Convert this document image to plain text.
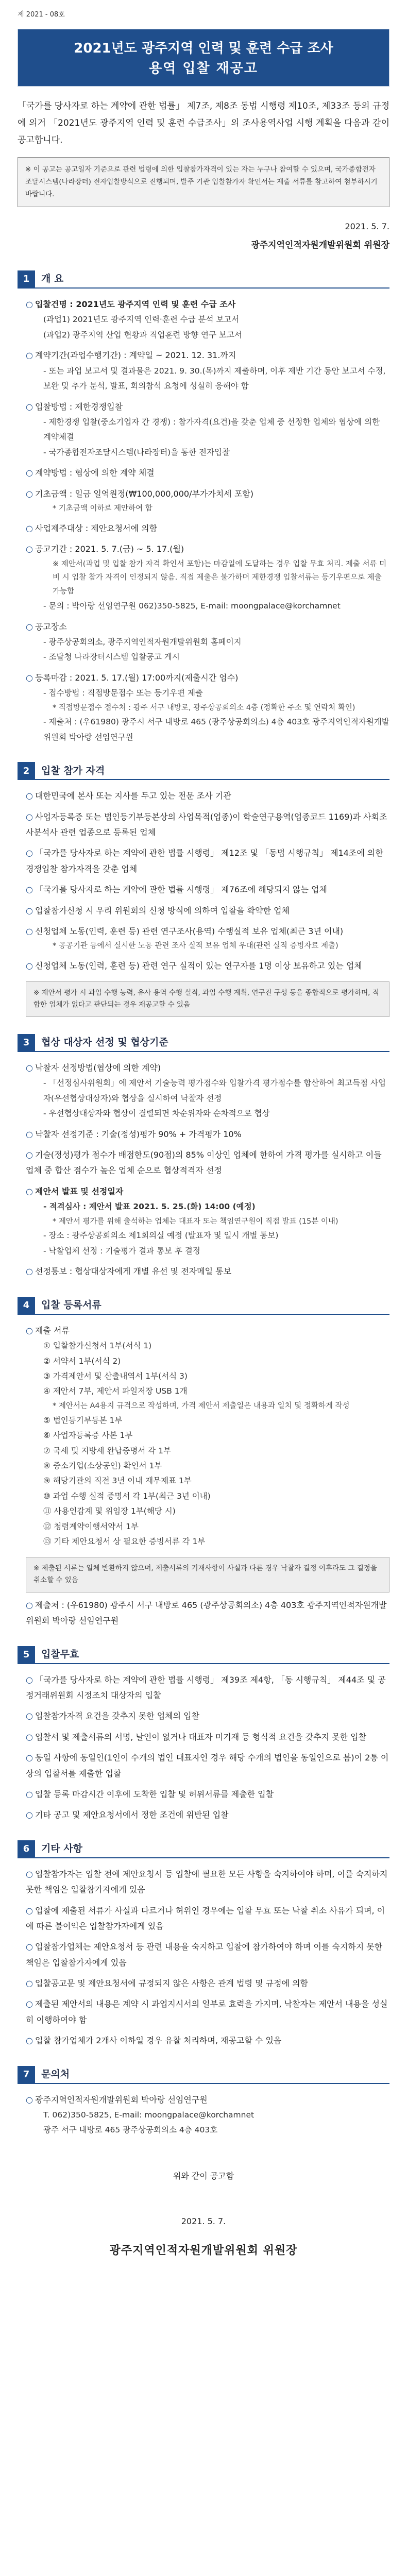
제 2021 - 08호
2021년도 광주지역 인력 및 훈련 수급 조사
용역 입찰 재공고
「국가를 당사자로 하는 계약에 관한 법률」 제7조, 제8조 동법 시행령 제10조, 제33조 등의 규정에 의거 「2021년도 광주지역 인력 및 훈련 수급조사」의 조사용역사업 시행 계획을 다음과 같이 공고합니다.
※ 이 공고는 공고일자 기준으로 관련 법령에 의한 입찰참가자격이 있는 자는 누구나 참여할 수 있으며, 국가종합전자조달시스템(나라장터) 전자입찰방식으로 진행되며, 발주 기관 입찰참가자 확인서는 제출 서류를 참고하여 첨부하시기 바랍니다.
2021. 5. 7.
광주지역인적자원개발위원회 위원장
1	개 요
○ 입찰건명 : 2021년도 광주지역 인력 및 훈련 수급 조사
(과업1) 2021년도 광주지역 인력·훈련 수급 분석 보고서
(과업2) 광주지역 산업 현황과 직업훈련 방향 연구 보고서
○ 계약기간(과업수행기간) : 계약일 ~ 2021. 12. 31.까지
- 또는 과업 보고서 및 결과물은 2021. 9. 30.(목)까지 제출하며, 이후 제반 기간 동안 보고서 수정, 보완 및 추가 분석, 발표, 회의참석 요청에 성실히 응해야 함
○ 입찰방법 : 제한경쟁입찰
- 제한경쟁 입찰(중소기업자 간 경쟁) : 참가자격(요건)을 갖춘 업체 중 선정한 업체와 협상에 의한 계약체결
- 국가종합전자조달시스템(나라장터)을 통한 전자입찰
○ 계약방법 : 협상에 의한 계약 체결
○ 기초금액 : 일금 일억원정(₩100,000,000/부가가치세 포함)
* 기초금액 이하로 제안하여 함
○ 사업제주대상 : 제안요청서에 의함
○ 공고기간 : 2021. 5. 7.(금) ~ 5. 17.(월)
※ 제안서(과업 및 입찰 참가 자격 확인서 포함)는 마감일에 도달하는 경우 입찰 무효 처리. 제출 서류 미비 시 입찰 참가 자격이 인정되지 않음. 직접 제출은 불가하며 제한경쟁 입찰서류는 등기우편으로 제출 가능함
- 문의 : 박아랑 선임연구원 062)350-5825, E-mail: moongpalace@korchamnet
○ 공고장소
- 광주상공회의소, 광주지역인적자원개발위원회 홈페이지
- 조달청 나라장터시스템 입찰공고 게시
○ 등록마감 : 2021. 5. 17.(월) 17:00까지(제출시간 엄수)
- 접수방법 : 직접방문접수 또는 등기우편 제출
* 직접방문접수 접수처 : 광주 서구 내방로, 광주상공회의소 4층 (정확한 주소 및 연락처 확인)
- 제출처 : (우61980) 광주시 서구 내방로 465 (광주상공회의소) 4층 403호 광주지역인적자원개발위원회 박아랑 선임연구원
2	입찰 참가 자격
○ 대한민국에 본사 또는 지사를 두고 있는 전문 조사 기관
○ 사업자등록증 또는 법인등기부등본상의 사업목적(업종)이 학술연구용역(업종코드 1169)과 사회조사분석사 관련 업종으로 등록된 업체
○ 「국가를 당사자로 하는 계약에 관한 법률 시행령」 제12조 및 「동법 시행규칙」 제14조에 의한 경쟁입찰 참가자격을 갖춘 업체
○ 「국가를 당사자로 하는 계약에 관한 법률 시행령」 제76조에 해당되지 않는 업체
○ 입찰참가신청 시 우리 위원회의 신청 방식에 의하여 입찰을 확약한 업체
○ 신청업체 노동(인력, 훈련 등) 관련 연구조사(용역) 수행실적 보유 업체(최근 3년 이내)
* 공공기관 등에서 실시한 노동 관련 조사 실적 보유 업체 우대(관련 실적 증빙자료 제출)
○ 신청업체 노동(인력, 훈련 등) 관련 연구 실적이 있는 연구자를 1명 이상 보유하고 있는 업체
※ 제안서 평가 시 과업 수행 능력, 유사 용역 수행 실적, 과업 수행 계획, 연구진 구성 등을 종합적으로 평가하며, 적합한 업체가 없다고 판단되는 경우 재공고할 수 있음
3	협상 대상자 선정 및 협상기준
○ 낙찰자 선정방법(협상에 의한 계약)
- 「선정심사위원회」에 제안서 기술능력 평가점수와 입찰가격 평가점수를 합산하여 최고득점 사업자(우선협상대상자)와 협상을 실시하여 낙찰자 선정
- 우선협상대상자와 협상이 결렬되면 차순위자와 순차적으로 협상
○ 낙찰자 선정기준 : 기술(정성)평가 90% + 가격평가 10%
○ 기술(정성)평가 점수가 배점한도(90점)의 85% 이상인 업체에 한하여 가격 평가를 실시하고 이들 업체 중 합산 점수가 높은 업체 순으로 협상적격자 선정
○ 제안서 발표 및 선정일자
- 적격심사 : 제안서 발표 2021. 5. 25.(화) 14:00 (예정)
* 제안서 평가를 위해 출석하는 업체는 대표자 또는 책임연구원이 직접 발표 (15분 이내)
- 장소 : 광주상공회의소 제1회의실 예정 (발표자 및 일시 개별 통보)
- 낙찰업체 선정 : 기술평가 결과 통보 후 결정
○ 선정통보 : 협상대상자에게 개별 유선 및 전자메일 통보
4	입찰 등록서류
○ 제출 서류
① 입찰참가신청서 1부(서식 1)
② 서약서 1부(서식 2)
③ 가격제안서 및 산출내역서 1부(서식 3)
④ 제안서 7부, 제안서 파일저장 USB 1개
* 제안서는 A4용지 규격으로 작성하며, 가격 제안서 제출일은 내용과 일치 및 정확하게 작성
⑤ 법인등기부등본 1부
⑥ 사업자등록증 사본 1부
⑦ 국세 및 지방세 완납증명서 각 1부
⑧ 중소기업(소상공인) 확인서 1부
⑨ 해당기관의 직전 3년 이내 재무제표 1부
⑩ 과업 수행 실적 증명서 각 1부(최근 3년 이내)
⑪ 사용인감계 및 위임장 1부(해당 시)
⑫ 청렴계약이행서약서 1부
⑬ 기타 제안요청서 상 필요한 증빙서류 각 1부
※ 제출된 서류는 일체 반환하지 않으며, 제출서류의 기재사항이 사실과 다른 경우 낙찰자 결정 이후라도 그 결정을 취소할 수 있음
○ 제출처 : (우61980) 광주시 서구 내방로 465 (광주상공회의소) 4층 403호 광주지역인적자원개발위원회 박아랑 선임연구원
5	입찰무효
○ 「국가를 당사자로 하는 계약에 관한 법률 시행령」 제39조 제4항, 「동 시행규칙」 제44조 및 공정거래위원회 시정조치 대상자의 입찰
○ 입찰참가자격 요건을 갖추지 못한 업체의 입찰
○ 입찰서 및 제출서류의 서명, 날인이 없거나 대표자 미기재 등 형식적 요건을 갖추지 못한 입찰
○ 동일 사항에 동일인(1인이 수개의 법인 대표자인 경우 해당 수개의 법인을 동일인으로 봄)이 2통 이상의 입찰서를 제출한 입찰
○ 입찰 등록 마감시간 이후에 도착한 입찰 및 허위서류를 제출한 입찰
○ 기타 공고 및 제안요청서에서 정한 조건에 위반된 입찰
6	기타 사항
○ 입찰참가자는 입찰 전에 제안요청서 등 입찰에 필요한 모든 사항을 숙지하여야 하며, 이를 숙지하지 못한 책임은 입찰참가자에게 있음
○ 입찰에 제출된 서류가 사실과 다르거나 허위인 경우에는 입찰 무효 또는 낙찰 취소 사유가 되며, 이에 따른 불이익은 입찰참가자에게 있음
○ 입찰참가업체는 제안요청서 등 관련 내용을 숙지하고 입찰에 참가하여야 하며 이를 숙지하지 못한 책임은 입찰참가자에게 있음
○ 입찰공고문 및 제안요청서에 규정되지 않은 사항은 관계 법령 및 규정에 의함
○ 제출된 제안서의 내용은 계약 시 과업지시서의 일부로 효력을 가지며, 낙찰자는 제안서 내용을 성실히 이행하여야 함
○ 입찰 참가업체가 2개사 이하일 경우 유찰 처리하며, 재공고할 수 있음
7	문의처
○ 광주지역인적자원개발위원회 박아랑 선임연구원
T. 062)350-5825, E-mail: moongpalace@korchamnet
광주 서구 내방로 465 광주상공회의소 4층 403호
위와 같이 공고함
2021. 5. 7.
광주지역인적자원개발위원회 위원장
